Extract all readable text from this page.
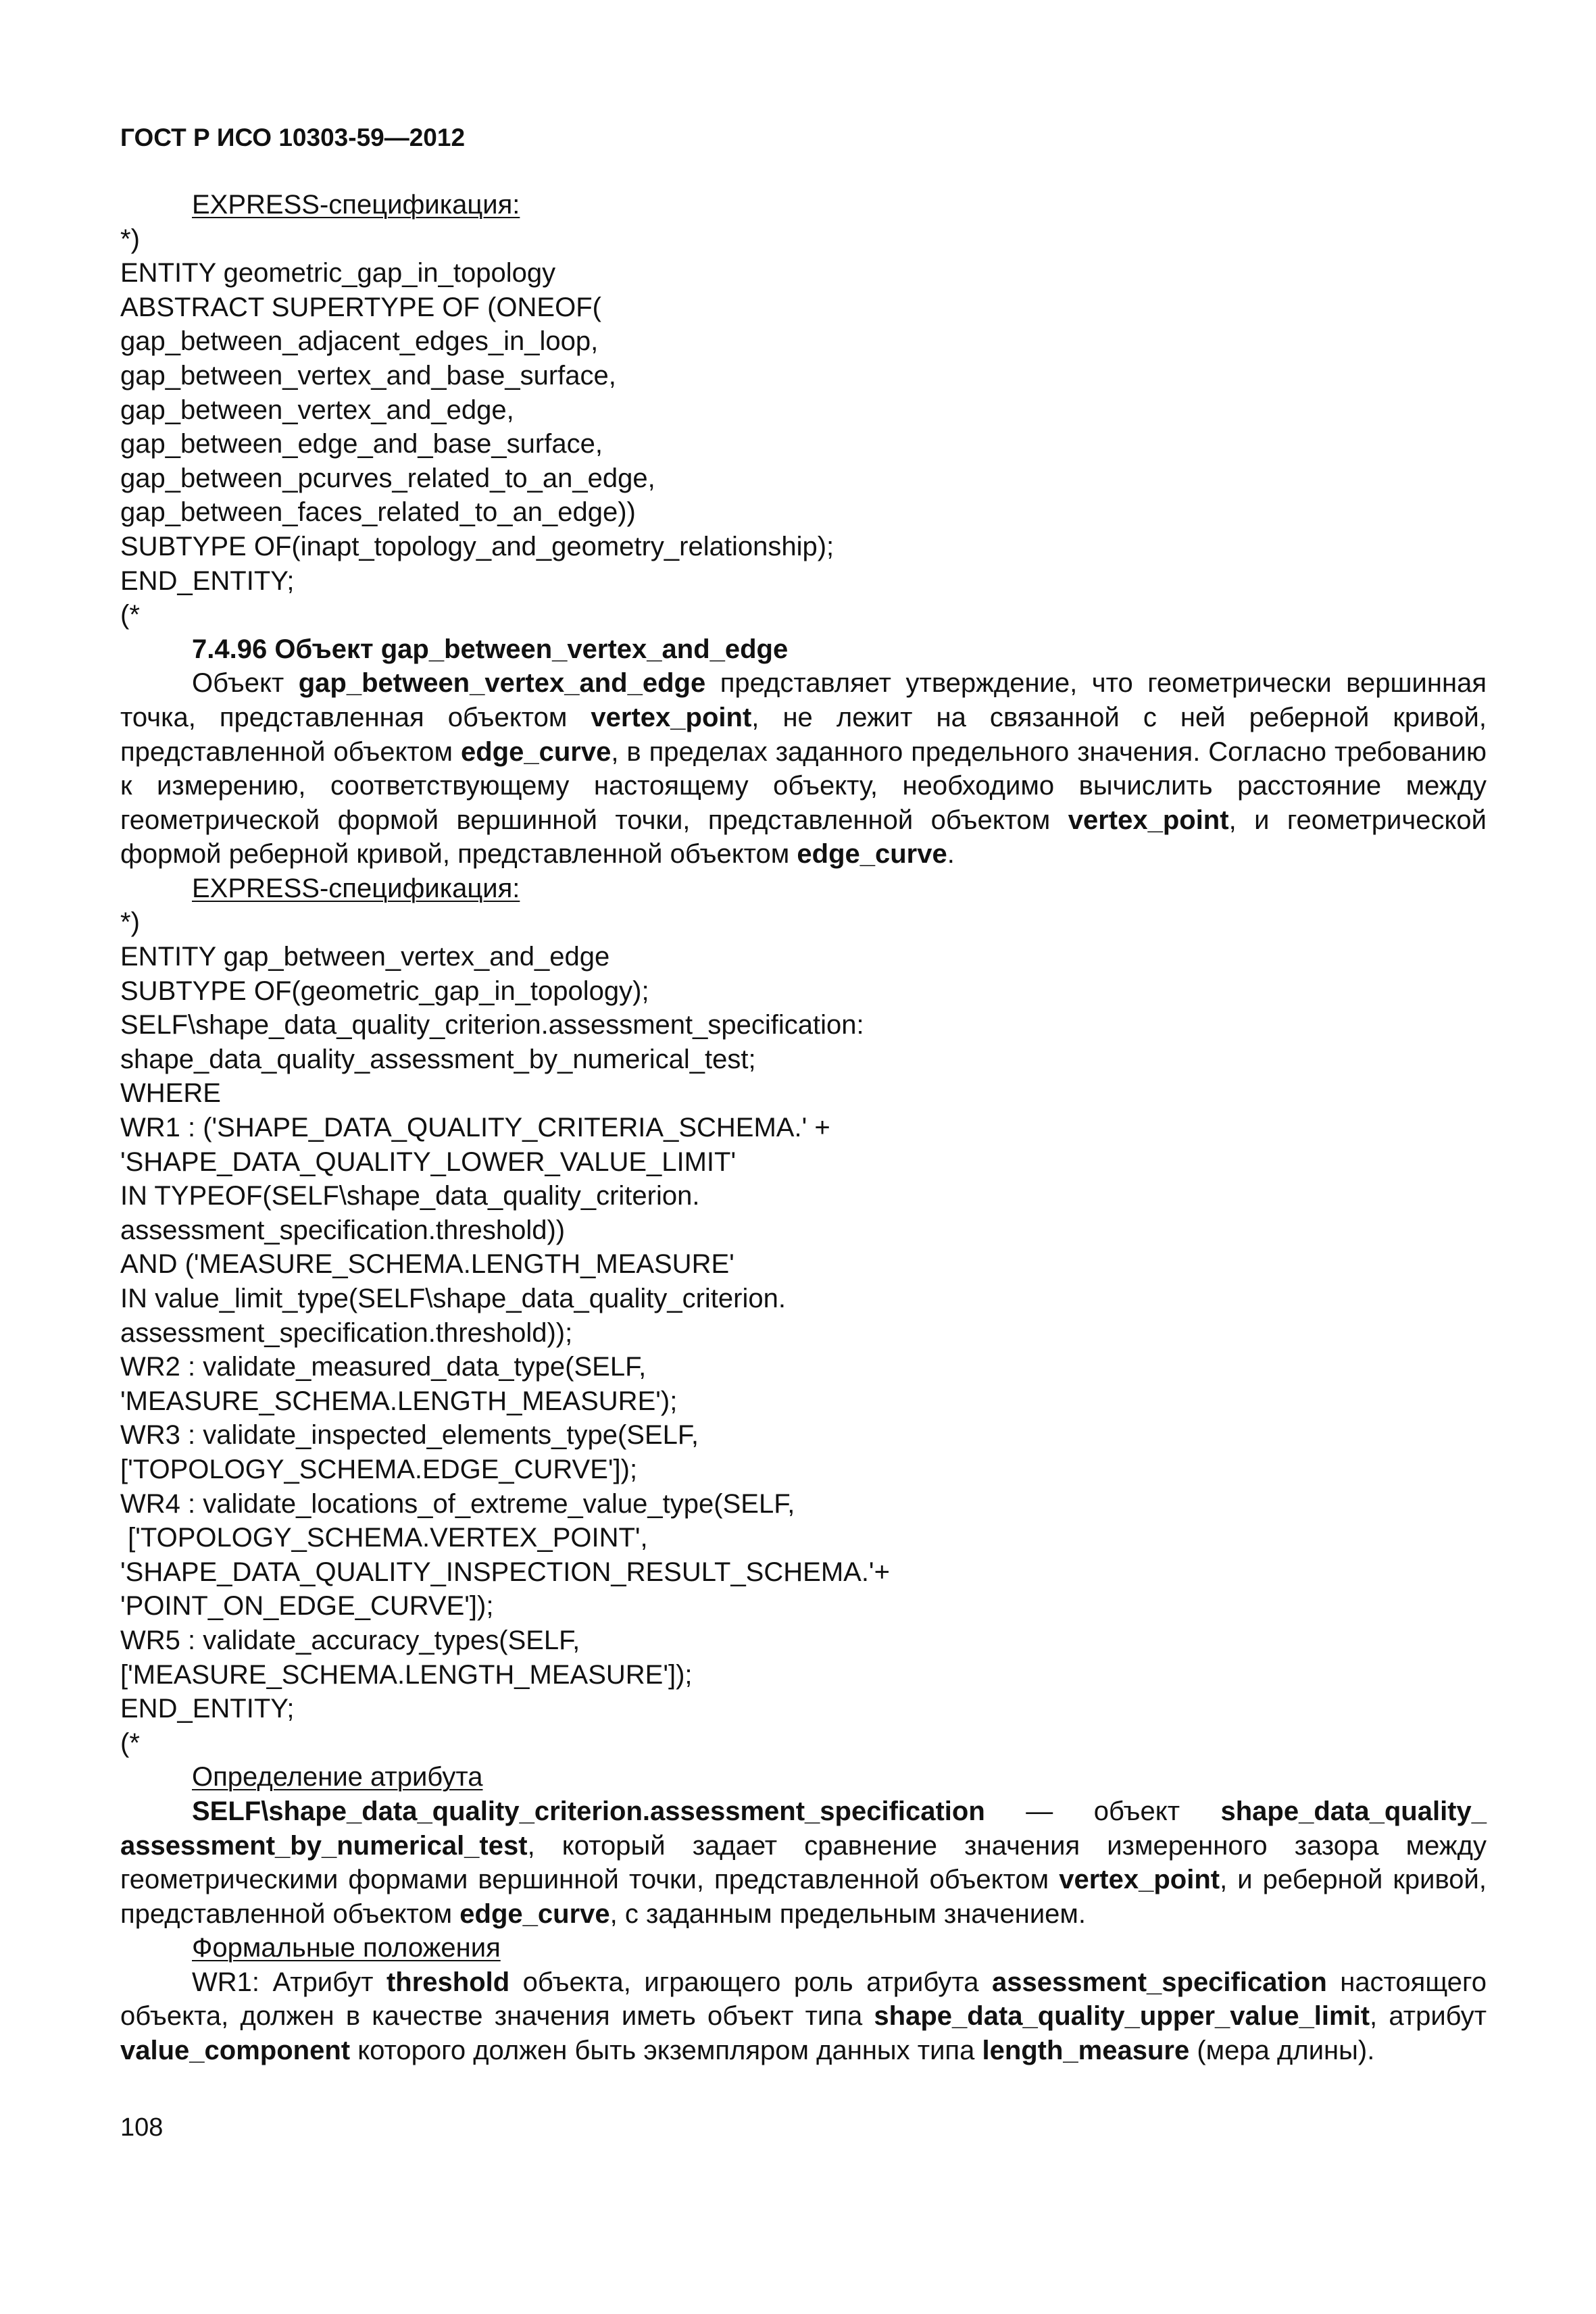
ГОСТ Р ИСО 10303-59—2012
EXPRESS-спецификация:
*)
ENTITY geometric_gap_in_topology
ABSTRACT SUPERTYPE OF (ONEOF(
gap_between_adjacent_edges_in_loop,
gap_between_vertex_and_base_surface,
gap_between_vertex_and_edge,
gap_between_edge_and_base_surface,
gap_between_pcurves_related_to_an_edge,
gap_between_faces_related_to_an_edge))
SUBTYPE OF(inapt_topology_and_geometry_relationship);
END_ENTITY;
(*
7.4.96 Объект gap_between_vertex_and_edge

Объект gap_between_vertex_and_edge представляет утверждение, что геометрически вершинная точка, представленная объектом vertex_point, не лежит на связанной с ней реберной кривой, представленной объектом edge_curve, в пределах заданного предельного значения. Согласно требованию к измерению, соответствующему настоящему объекту, необходимо вычислить расстояние между геометрической формой вершинной точки, представленной объектом vertex_point, и геометрической формой реберной кривой, представленной объектом edge_curve.

EXPRESS-спецификация:
*)
ENTITY gap_between_vertex_and_edge
SUBTYPE OF(geometric_gap_in_topology);
SELF\shape_data_quality_criterion.assessment_specification:
shape_data_quality_assessment_by_numerical_test;
WHERE
WR1 : ('SHAPE_DATA_QUALITY_CRITERIA_SCHEMA.' +
'SHAPE_DATA_QUALITY_LOWER_VALUE_LIMIT'
IN TYPEOF(SELF\shape_data_quality_criterion.
assessment_specification.threshold))
AND ('MEASURE_SCHEMA.LENGTH_MEASURE'
IN value_limit_type(SELF\shape_data_quality_criterion.
assessment_specification.threshold));
WR2 : validate_measured_data_type(SELF,
'MEASURE_SCHEMA.LENGTH_MEASURE');
WR3 : validate_inspected_elements_type(SELF,
['TOPOLOGY_SCHEMA.EDGE_CURVE']);
WR4 : validate_locations_of_extreme_value_type(SELF,
['TOPOLOGY_SCHEMA.VERTEX_POINT',
'SHAPE_DATA_QUALITY_INSPECTION_RESULT_SCHEMA.'+
'POINT_ON_EDGE_CURVE']);
WR5 : validate_accuracy_types(SELF,
['MEASURE_SCHEMA.LENGTH_MEASURE']);
END_ENTITY;
(*
Определение атрибута

SELF\shape_data_quality_criterion.assessment_specification — объект shape_data_quality_ assessment_by_numerical_test, который задает сравнение значения измеренного зазора между геометрическими формами вершинной точки, представленной объектом vertex_point, и реберной кривой, представленной объектом edge_curve, с заданным предельным значением.

Формальные положения

WR1: Атрибут threshold объекта, играющего роль атрибута assessment_specification настоящего объекта, должен в качестве значения иметь объект типа shape_data_quality_upper_value_limit, атрибут value_component которого должен быть экземпляром данных типа length_measure (мера длины).

108
